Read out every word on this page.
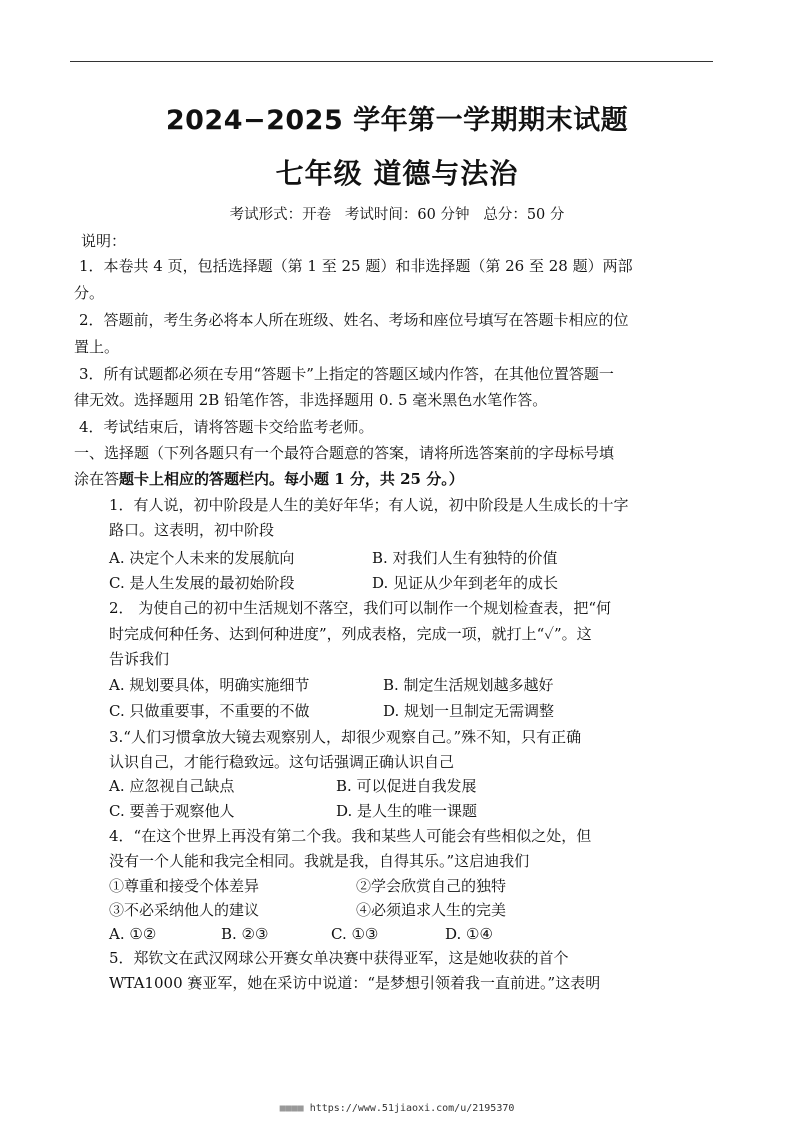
2024−2025 学年第一学期期末试题
七年级 道德与法治
考试形式：开卷   考试时间：60 分钟   总分：50 分
说明：
1．本卷共 4 页，包括选择题（第 1 至 25 题）和非选择题（第 26 至 28 题）两部
分。
2．答题前，考生务必将本人所在班级、姓名、考场和座位号填写在答题卡相应的位
置上。
3．所有试题都必须在专用“答题卡”上指定的答题区域内作答，在其他位置答题一
律无效。选择题用 2B 铅笔作答，非选择题用 0. 5 毫米黑色水笔作答。
4．考试结束后，请将答题卡交给监考老师。
一、选择题（下列各题只有一个最符合题意的答案，请将所选答案前的字母标号填
涂在答题卡上相应的答题栏内。每小题 1 分，共 25 分。）
1．有人说，初中阶段是人生的美好年华；有人说，初中阶段是人生成长的十字
路口。这表明，初中阶段
A. 决定个人未来的发展航向	B. 对我们人生有独特的价值
C. 是人生发展的最初始阶段	D. 见证从少年到老年的成长
2． 为使自己的初中生活规划不落空，我们可以制作一个规划检查表，把“何
时完成何种任务、达到何种进度”，列成表格，完成一项，就打上“✓”。这
告诉我们
A. 规划要具体，明确实施细节	B. 制定生活规划越多越好
C. 只做重要事，不重要的不做	D. 规划一旦制定无需调整
3.“人们习惯拿放大镜去观察别人，却很少观察自己。”殊不知，只有正确
认识自己，才能行稳致远。这句话强调正确认识自己
A. 应忽视自己缺点	B. 可以促进自我发展
C. 要善于观察他人	D. 是人生的唯一课题
4．“在这个世界上再没有第二个我。我和某些人可能会有些相似之处，但
没有一个人能和我完全相同。我就是我，自得其乐。”这启迪我们
①尊重和接受个体差异	②学会欣赏自己的独特
③不必采纳他人的建议	④必须追求人生的完美
A. ①②	B. ②③	C. ①③	D. ①④
5．郑钦文在武汉网球公开赛女单决赛中获得亚军，这是她收获的首个
WTA1000 赛亚军，她在采访中说道：“是梦想引领着我一直前进。”这表明
■■■■ https://www.51jiaoxi.com/u/2195370
